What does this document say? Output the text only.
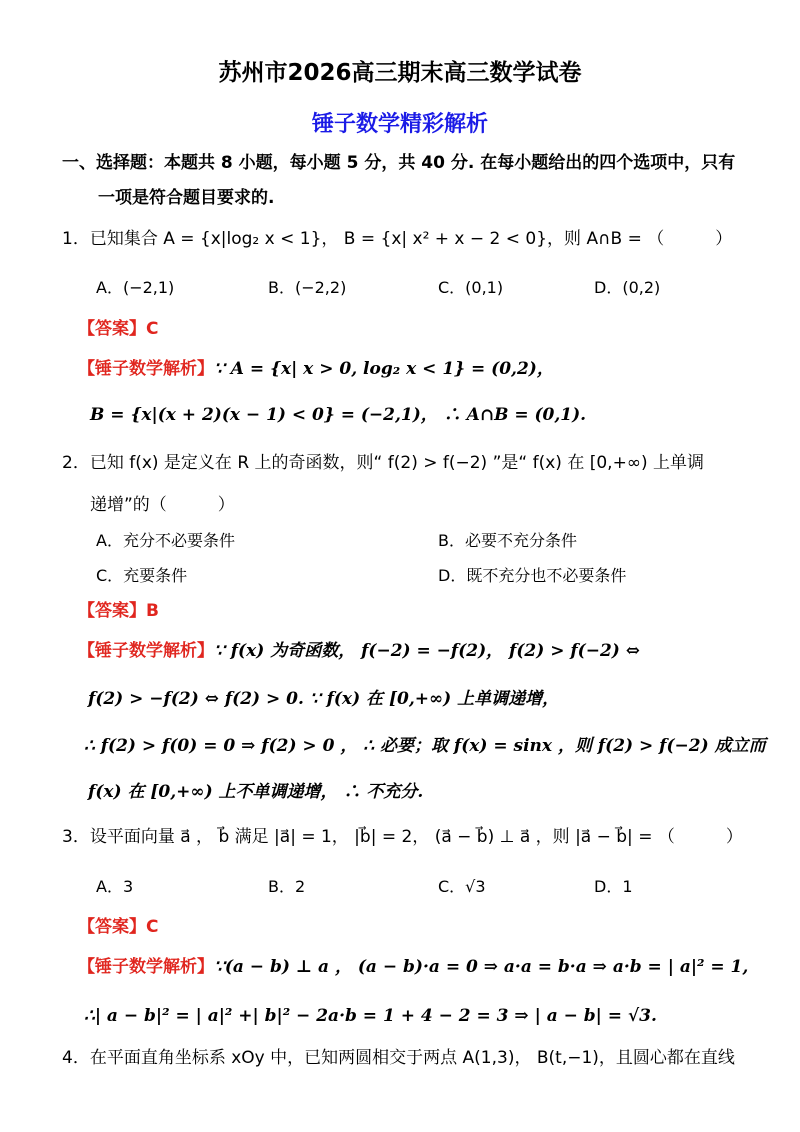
苏州市2026高三期末高三数学试卷
锤子数学精彩解析
一、选择题：本题共 8 小题，每小题 5 分，共 40 分. 在每小题给出的四个选项中，只有
一项是符合题目要求的.
1．已知集合 A = {x|log₂ x < 1}， B = {x| x² + x − 2 < 0}，则 A∩B = （　　　）
A．(−2,1)	B．(−2,2)	C．(0,1)	D．(0,2)
【答案】C
【锤子数学解析】∵ A = {x| x > 0, log₂ x < 1} = (0,2)，
B = {x|(x + 2)(x − 1) < 0} = (−2,1)， ∴ A∩B = (0,1).
2．已知 f(x) 是定义在 R 上的奇函数，则“ f(2) > f(−2) ”是“ f(x) 在 [0,+∞) 上单调
递增”的（　　　）
A．充分不必要条件	B．必要不充分条件
C．充要条件	D．既不充分也不必要条件
【答案】B
【锤子数学解析】∵ f(x) 为奇函数， f(−2) = −f(2)， f(2) > f(−2) ⇔
f(2) > −f(2) ⇔ f(2) > 0. ∵ f(x) 在 [0,+∞) 上单调递增，
∴ f(2) > f(0) = 0 ⇒ f(2) > 0 ， ∴ 必要；取 f(x) = sinx ，则 f(2) > f(−2) 成立而
f(x) 在 [0,+∞) 上不单调递增， ∴ 不充分.
3．设平面向量 a⃗ ， b⃗ 满足 |a⃗| = 1， |b⃗| = 2， (a⃗ − b⃗) ⊥ a⃗ ，则 |a⃗ − b⃗| = （　　　）
A．3	B．2	C．√3	D．1
【答案】C
【锤子数学解析】∵(a − b) ⊥ a ， (a − b)·a = 0 ⇒ a·a = b·a ⇒ a·b = | a|² = 1,
∴| a − b|² = | a|² +| b|² − 2a·b = 1 + 4 − 2 = 3 ⇒ | a − b| = √3.
4．在平面直角坐标系 xOy 中，已知两圆相交于两点 A(1,3)， B(t,−1)，且圆心都在直线
